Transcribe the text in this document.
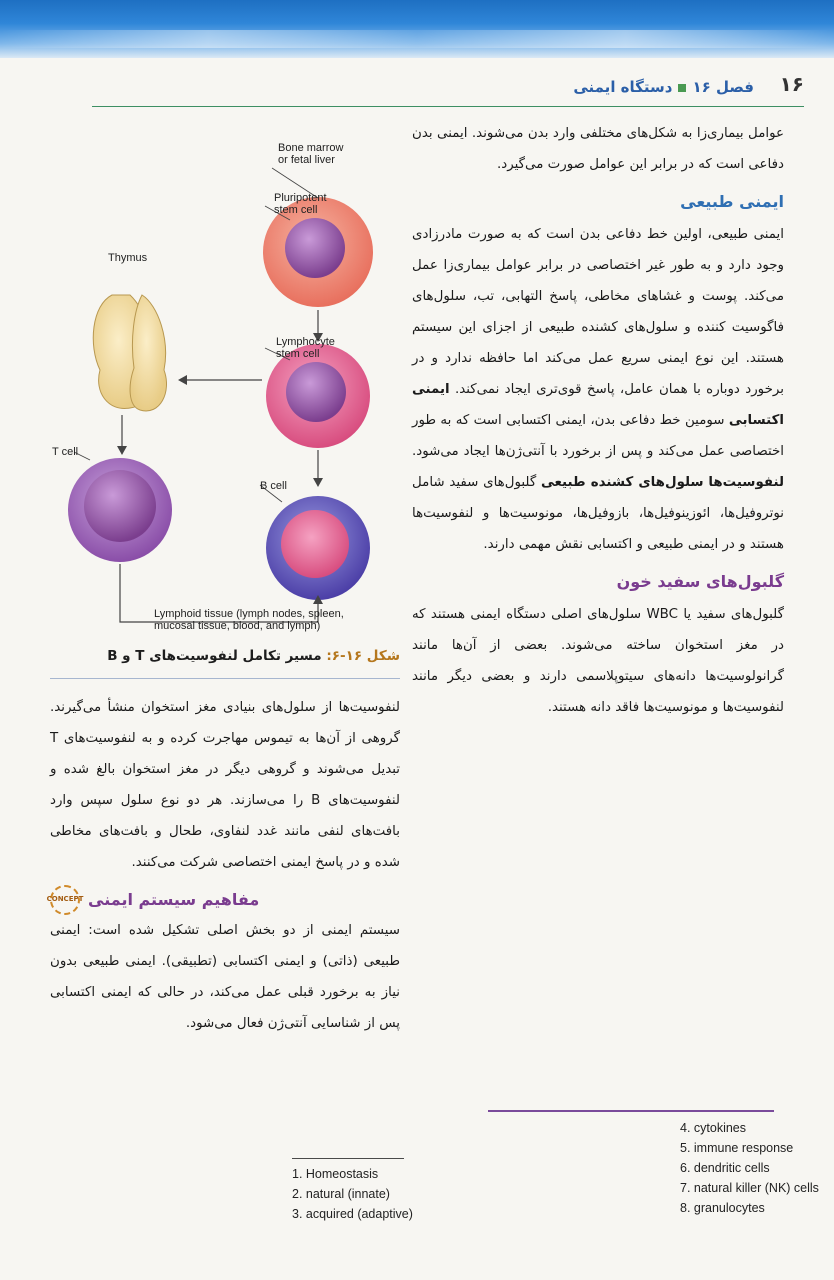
۱۶
فصل ۱۶دستگاه ایمنی

عوامل بیماری‌زا به شکل‌های مختلفی وارد بدن می‌شوند. ایمنی بدن دفاعی است که در برابر این عوامل صورت می‌گیرد.

ایمنی طبیعی

ایمنی طبیعی، اولین خط دفاعی بدن است که به صورت مادرزادی وجود دارد و به طور غیر اختصاصی در برابر عوامل بیماری‌زا عمل می‌کند. پوست و غشاهای مخاطی، پاسخ التهابی، تب، سلول‌های فاگوسیت کننده و سلول‌های کشنده طبیعی از اجزای این سیستم هستند. این نوع ایمنی سریع عمل می‌کند اما حافظه ندارد و در برخورد دوباره با همان عامل، پاسخ قوی‌تری ایجاد نمی‌کند. ایمنی اکتسابی سومین خط دفاعی بدن، ایمنی اکتسابی است که به طور اختصاصی عمل می‌کند و پس از برخورد با آنتی‌ژن‌ها ایجاد می‌شود. لنفوسیت‌ها سلول‌های کشنده طبیعی گلبول‌های سفید شامل نوتروفیل‌ها، ائوزینوفیل‌ها، بازوفیل‌ها، مونوسیت‌ها و لنفوسیت‌ها هستند و در ایمنی طبیعی و اکتسابی نقش مهمی دارند.

گلبول‌های سفید خون

گلبول‌های سفید یا WBC سلول‌های اصلی دستگاه ایمنی هستند که در مغز استخوان ساخته می‌شوند. بعضی از آن‌ها مانند گرانولوسیت‌ها دانه‌های سیتوپلاسمی دارند و بعضی دیگر مانند لنفوسیت‌ها و مونوسیت‌ها فاقد دانه هستند.

Bone marrow
or fetal liver
Pluripotent
stem cell
Thymus
Lymphocyte
stem cell
T cell
B cell
Lymphoid tissue (lymph nodes, spleen,
mucosal tissue, blood, and lymph)
شکل ۱۶-۶: مسیر تکامل لنفوسیت‌های T و B

لنفوسیت‌ها از سلول‌های بنیادی مغز استخوان منشأ می‌گیرند. گروهی از آن‌ها به تیموس مهاجرت کرده و به لنفوسیت‌های T تبدیل می‌شوند و گروهی دیگر در مغز استخوان بالغ شده و لنفوسیت‌های B را می‌سازند. هر دو نوع سلول سپس وارد بافت‌های لنفی مانند غدد لنفاوی، طحال و بافت‌های مخاطی شده و در پاسخ ایمنی اختصاصی شرکت می‌کنند.

مفاهیم سیستم ایمنی
CONCEPT

سیستم ایمنی از دو بخش اصلی تشکیل شده است: ایمنی طبیعی (ذاتی) و ایمنی اکتسابی (تطبیقی). ایمنی طبیعی بدون نیاز به برخورد قبلی عمل می‌کند، در حالی که ایمنی اکتسابی پس از شناسایی آنتی‌ژن فعال می‌شود.

1. Homeostasis
2. natural (innate)
3. acquired (adaptive)
4. cytokines
5. immune response
6. dendritic cells
7. natural killer (NK) cells
8. granulocytes
